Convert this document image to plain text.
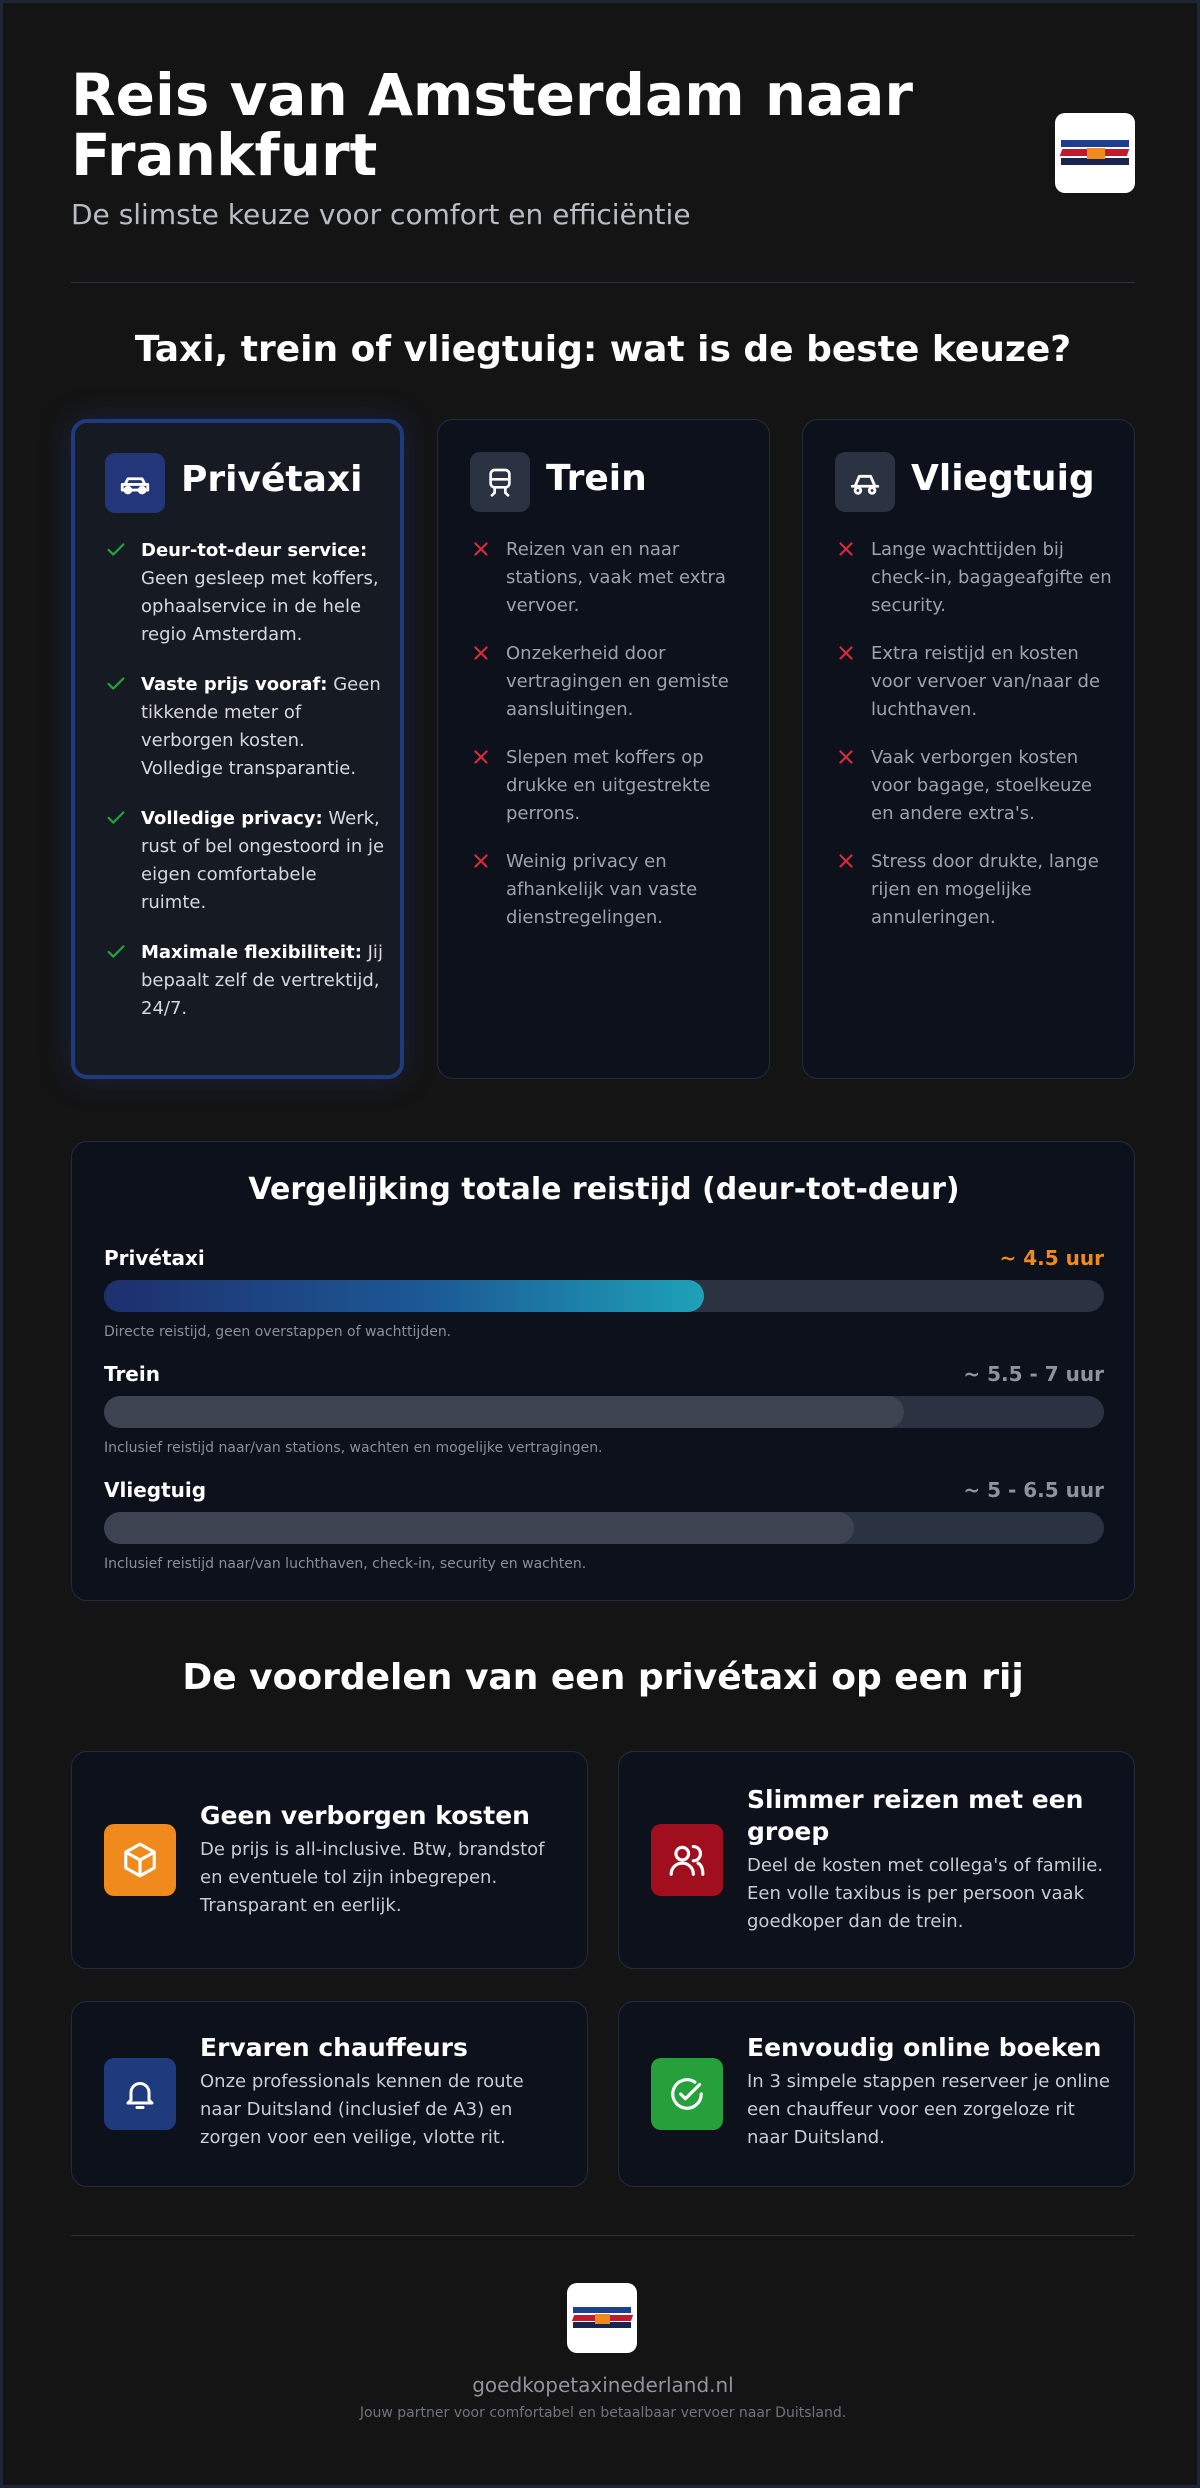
Reis van Amsterdam naar Frankfurt
De slimste keuze voor comfort en efficiëntie
Taxi, trein of vliegtuig: wat is de beste keuze?
Privétaxi
Deur-tot-deur service: Geen gesleep met koffers, ophaalservice in de hele regio Amsterdam.
Vaste prijs vooraf: Geen tikkende meter of verborgen kosten. Volledige transparantie.
Volledige privacy: Werk, rust of bel ongestoord in je eigen comfortabele ruimte.
Maximale flexibiliteit: Jij bepaalt zelf de vertrektijd, 24/7.
Trein
Reizen van en naar stations, vaak met extra vervoer.
Onzekerheid door vertragingen en gemiste aansluitingen.
Slepen met koffers op drukke en uitgestrekte perrons.
Weinig privacy en afhankelijk van vaste dienstregelingen.
Vliegtuig
Lange wachttijden bij check-in, bagageafgifte en security.
Extra reistijd en kosten voor vervoer van/naar de luchthaven.
Vaak verborgen kosten voor bagage, stoelkeuze en andere extra's.
Stress door drukte, lange rijen en mogelijke annuleringen.
Vergelijking totale reistijd (deur-tot-deur)
Privétaxi	~ 4.5 uur
Directe reistijd, geen overstappen of wachttijden.
Trein	~ 5.5 - 7 uur
Inclusief reistijd naar/van stations, wachten en mogelijke vertragingen.
Vliegtuig	~ 5 - 6.5 uur
Inclusief reistijd naar/van luchthaven, check-in, security en wachten.
De voordelen van een privétaxi op een rij
Geen verborgen kosten
De prijs is all-inclusive. Btw, brandstof en eventuele tol zijn inbegrepen. Transparant en eerlijk.
Slimmer reizen met een groep
Deel de kosten met collega's of familie. Een volle taxibus is per persoon vaak goedkoper dan de trein.
Ervaren chauffeurs
Onze professionals kennen de route naar Duitsland (inclusief de A3) en zorgen voor een veilige, vlotte rit.
Eenvoudig online boeken
In 3 simpele stappen reserveer je online een chauffeur voor een zorgeloze rit naar Duitsland.
goedkopetaxinederland.nl
Jouw partner voor comfortabel en betaalbaar vervoer naar Duitsland.
